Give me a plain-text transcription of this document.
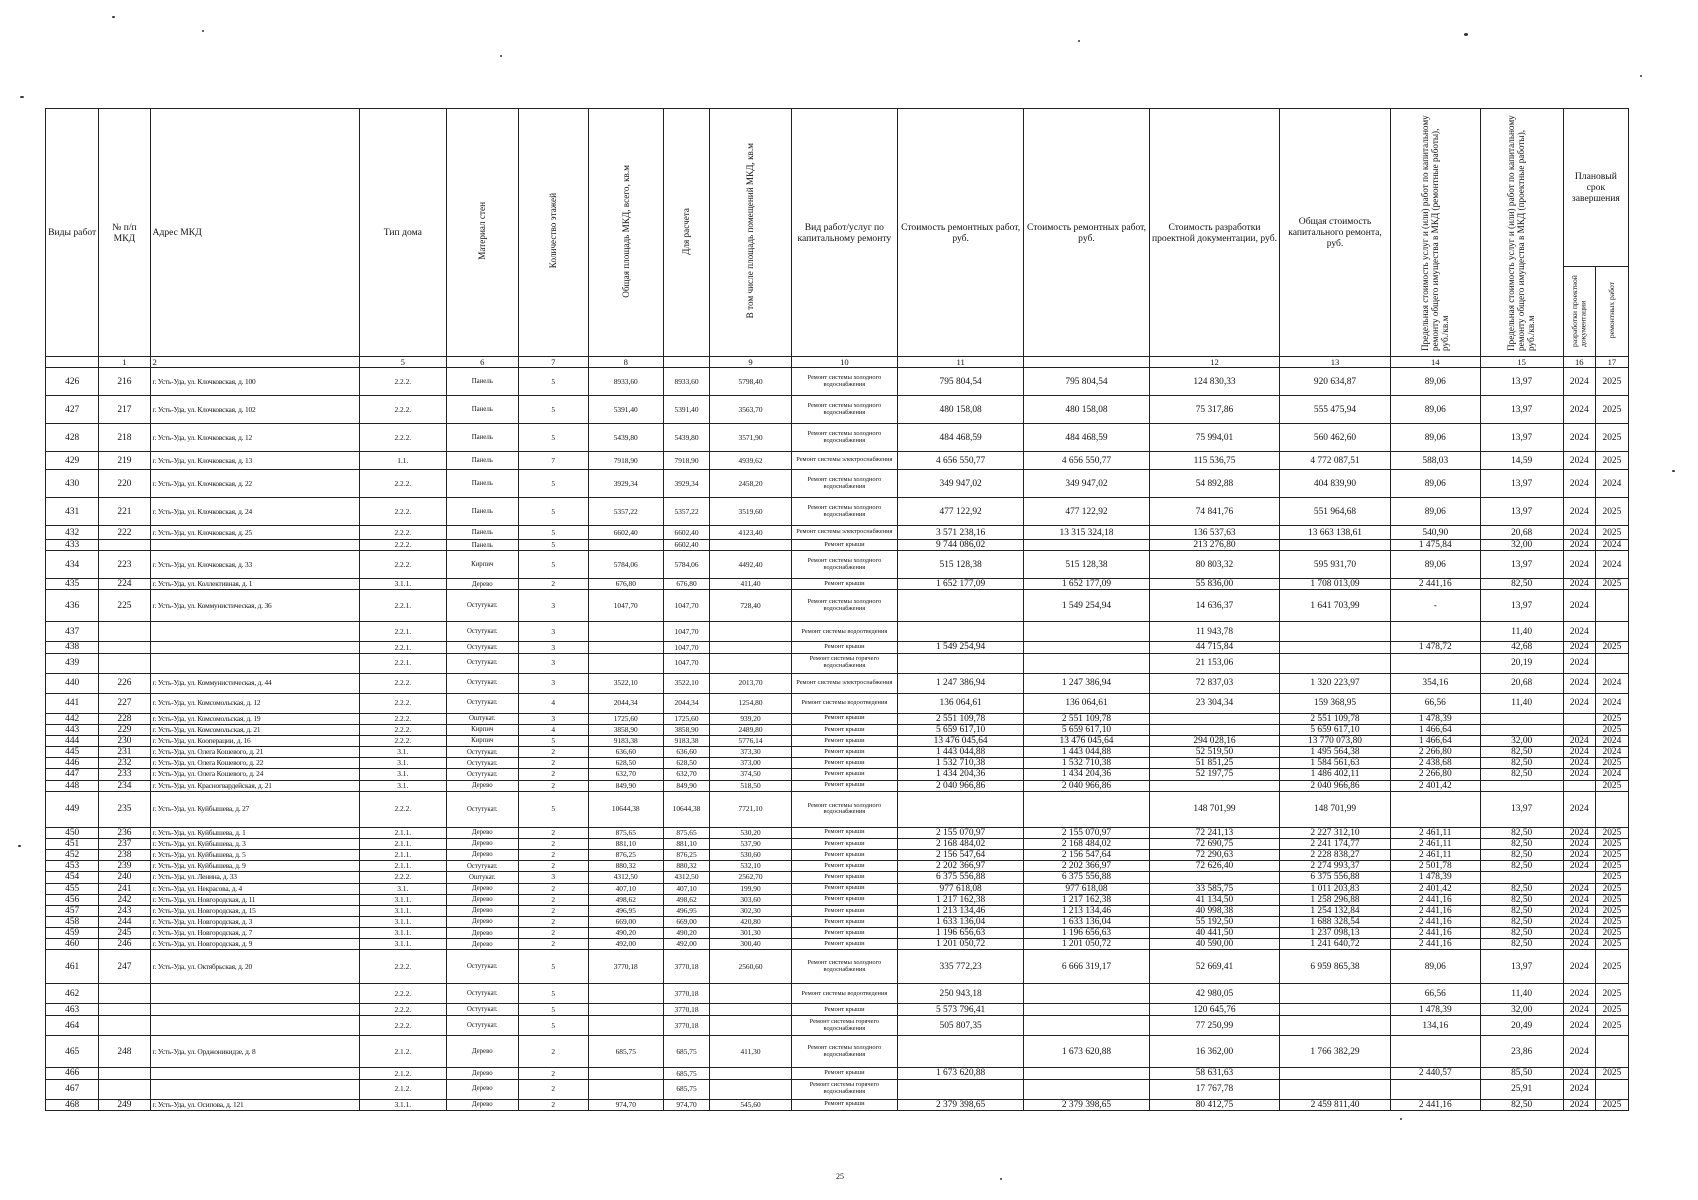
Виды работ	№ п/п МКД	Адрес МКД	Тип дома	Материал стен	Количество этажей	Общая площадь МКД, всего, кв.м	Для расчета	В том числе площадь помещений МКД, кв.м	Вид работ/услуг по капитальному ремонту	Стоимость ремонтных работ, руб.	Стоимость ремонтных работ, руб.	Стоимость разработки проектной документации, руб.	Общая стоимость капитального ремонта, руб.	Предельная стоимость услуг и (или) работ по капитальному ремонту общего имущества в МКД (ремонтные работы), руб./кв.м	Предельная стоимость услуг и (или) работ по капитальному ремонту общего имущества в МКД (проектные работы), руб./кв.м	Плановый срок завершения	
																разработки проектной документации	ремонтных работ
	1	2	5	6	7	8		9	10	11		12	13	14	15	16	17
426	216	г. Усть-Уда, ул. Клочковская, д. 100	2.2.2.	Панель	5	8933,60	8933,60	5798,40	Ремонт системы холодного водоснабжения	795 804,54	795 804,54	124 830,33	920 634,87	89,06	13,97	2024	2025
427	217	г. Усть-Уда, ул. Клочковская, д. 102	2.2.2.	Панель	5	5391,40	5391,40	3563,70	Ремонт системы холодного водоснабжения	480 158,08	480 158,08	75 317,86	555 475,94	89,06	13,97	2024	2025
428	218	г. Усть-Уда, ул. Клочковская, д. 12	2.2.2.	Панель	5	5439,80	5439,80	3571,90	Ремонт системы холодного водоснабжения	484 468,59	484 468,59	75 994,01	560 462,60	89,06	13,97	2024	2025
429	219	г. Усть-Уда, ул. Клочковская, д. 13	1.1.	Панель	7	7918,90	7918,90	4939,62	Ремонт системы электроснабжения	4 656 550,77	4 656 550,77	115 536,75	4 772 087,51	588,03	14,59	2024	2025
430	220	г. Усть-Уда, ул. Клочковская, д. 22	2.2.2.	Панель	5	3929,34	3929,34	2458,20	Ремонт системы холодного водоснабжения	349 947,02	349 947,02	54 892,88	404 839,90	89,06	13,97	2024	2024
431	221	г. Усть-Уда, ул. Клочковская, д. 24	2.2.2.	Панель	5	5357,22	5357,22	3519,60	Ремонт системы холодного водоснабжения	477 122,92	477 122,92	74 841,76	551 964,68	89,06	13,97	2024	2025
432	222	г. Усть-Уда, ул. Клочковская, д. 25	2.2.2.	Панель	5	6602,40	6602,40	4123,40	Ремонт системы электроснабжения	3 571 238,16	13 315 324,18	136 537,63	13 663 138,61	540,90	20,68	2024	2025
433			2.2.2.	Панель	5		6602,40		Ремонт крыши	9 744 086,02		213 276,80		1 475,84	32,00	2024	2024
434	223	г. Усть-Уда, ул. Клочковская, д. 33	2.2.2.	Кирпич	5	5784,06	5784,06	4492,40	Ремонт системы холодного водоснабжения	515 128,38	515 128,38	80 803,32	595 931,70	89,06	13,97	2024	2024
435	224	г. Усть-Уда, ул. Коллективная, д. 1	3.1.1.	Дерево	2	676,80	676,80	411,40	Ремонт крыши	1 652 177,09	1 652 177,09	55 836,00	1 708 013,09	2 441,16	82,50	2024	2025
436	225	г. Усть-Уда, ул. Коммунистическая, д. 36	2.2.1.	Остутукат.	3	1047,70	1047,70	728,40	Ремонт системы холодного водоснабжения		1 549 254,94	14 636,37	1 641 703,99	-	13,97	2024	
437			2.2.1.	Остутукат.	3		1047,70		Ремонт системы водоотведения			11 943,78			11,40	2024	
438			2.2.1.	Остутукат.	3		1047,70		Ремонт крыши	1 549 254,94		44 715,84		1 478,72	42,68	2024	2025
439			2.2.1.	Остутукат.	3		1047,70		Ремонт системы горячего водоснабжения			21 153,06			20,19	2024	
440	226	г. Усть-Уда, ул. Коммунистическая, д. 44	2.2.2.	Остутукат.	3	3522,10	3522,10	2013,70	Ремонт системы электроснабжения	1 247 386,94	1 247 386,94	72 837,03	1 320 223,97	354,16	20,68	2024	2024
441	227	г. Усть-Уда, ул. Комсомольская, д. 12	2.2.2.	Остутукат.	4	2044,34	2044,34	1254,80	Ремонт системы водоотведения	136 064,61	136 064,61	23 304,34	159 368,95	66,56	11,40	2024	2024
442	228	г. Усть-Уда, ул. Комсомольская, д. 19	2.2.2.	Оштукат.	3	1725,60	1725,60	939,20	Ремонт крыши	2 551 109,78	2 551 109,78		2 551 109,78	1 478,39			2025
443	229	г. Усть-Уда, ул. Комсомольская, д. 21	2.2.2.	Кирпич	4	3858,90	3858,90	2489,80	Ремонт крыши	5 659 617,10	5 659 617,10		5 659 617,10	1 466,64			2025
444	230	г. Усть-Уда, ул. Кооперации, д. 16	2.2.2.	Кирпич	5	9183,38	9183,38	5776,14	Ремонт крыши	13 476 045,64	13 476 045,64	294 028,16	13 770 073,80	1 466,64	32,00	2024	2024
445	231	г. Усть-Уда, ул. Олега Кошевого, д. 21	3.1.	Остутукат.	2	636,60	636,60	373,30	Ремонт крыши	1 443 044,88	1 443 044,88	52 519,50	1 495 564,38	2 266,80	82,50	2024	2024
446	232	г. Усть-Уда, ул. Олега Кошевого, д. 22	3.1.	Остутукат.	2	628,50	628,50	373,00	Ремонт крыши	1 532 710,38	1 532 710,38	51 851,25	1 584 561,63	2 438,68	82,50	2024	2025
447	233	г. Усть-Уда, ул. Олега Кошевого, д. 24	3.1.	Остутукат.	2	632,70	632,70	374,50	Ремонт крыши	1 434 204,36	1 434 204,36	52 197,75	1 486 402,11	2 266,80	82,50	2024	2024
448	234	г. Усть-Уда, ул. Красногвардейская, д. 21	3.1.	Дерево	2	849,90	849,90	518,50	Ремонт крыши	2 040 966,86	2 040 966,86		2 040 966,86	2 401,42			2025
449	235	г. Усть-Уда, ул. Куйбышева, д. 27	2.2.2.	Остутукат.	5	10644,38	10644,38	7721,10	Ремонт системы холодного водоснабжения			148 701,99	148 701,99		13,97	2024	
450	236	г. Усть-Уда, ул. Куйбышева, д. 1	2.1.1.	Дерево	2	875,65	875,65	530,20	Ремонт крыши	2 155 070,97	2 155 070,97	72 241,13	2 227 312,10	2 461,11	82,50	2024	2025
451	237	г. Усть-Уда, ул. Куйбышева, д. 3	2.1.1.	Дерево	2	881,10	881,10	537,90	Ремонт крыши	2 168 484,02	2 168 484,02	72 690,75	2 241 174,77	2 461,11	82,50	2024	2025
452	238	г. Усть-Уда, ул. Куйбышева, д. 5	2.1.1.	Дерево	2	876,25	876,25	530,60	Ремонт крыши	2 156 547,64	2 156 547,64	72 290,63	2 228 838,27	2 461,11	82,50	2024	2025
453	239	г. Усть-Уда, ул. Куйбышева, д. 9	2.1.1.	Остутукат.	2	880,32	880,32	532,10	Ремонт крыши	2 202 366,97	2 202 366,97	72 626,40	2 274 993,37	2 501,78	82,50	2024	2025
454	240	г. Усть-Уда, ул. Ленина, д. 33	2.2.2.	Оштукат.	3	4312,50	4312,50	2562,70	Ремонт крыши	6 375 556,88	6 375 556,88		6 375 556,88	1 478,39			2025
455	241	г. Усть-Уда, ул. Некрасова, д. 4	3.1.	Дерево	2	407,10	407,10	199,90	Ремонт крыши	977 618,08	977 618,08	33 585,75	1 011 203,83	2 401,42	82,50	2024	2025
456	242	г. Усть-Уда, ул. Новгородская, д. 11	3.1.1.	Дерево	2	498,62	498,62	303,60	Ремонт крыши	1 217 162,38	1 217 162,38	41 134,50	1 258 296,88	2 441,16	82,50	2024	2025
457	243	г. Усть-Уда, ул. Новгородская, д. 15	3.1.1.	Дерево	2	496,95	496,95	302,30	Ремонт крыши	1 213 134,46	1 213 134,46	40 998,38	1 254 132,84	2 441,16	82,50	2024	2025
458	244	г. Усть-Уда, ул. Новгородская, д. 3	3.1.1.	Дерево	2	669,00	669,00	420,80	Ремонт крыши	1 633 136,04	1 633 136,04	55 192,50	1 688 328,54	2 441,16	82,50	2024	2025
459	245	г. Усть-Уда, ул. Новгородская, д. 7	3.1.1.	Дерево	2	490,20	490,20	301,30	Ремонт крыши	1 196 656,63	1 196 656,63	40 441,50	1 237 098,13	2 441,16	82,50	2024	2025
460	246	г. Усть-Уда, ул. Новгородская, д. 9	3.1.1.	Дерево	2	492,00	492,00	300,40	Ремонт крыши	1 201 050,72	1 201 050,72	40 590,00	1 241 640,72	2 441,16	82,50	2024	2025
461	247	г. Усть-Уда, ул. Октябрьская, д. 20	2.2.2.	Остутукат.	5	3770,18	3770,18	2560,60	Ремонт системы холодного водоснабжения	335 772,23	6 666 319,17	52 669,41	6 959 865,38	89,06	13,97	2024	2025
462			2.2.2.	Остутукат.	5		3770,18		Ремонт системы водоотведения	250 943,18		42 980,05		66,56	11,40	2024	2025
463			2.2.2.	Остутукат.	5		3770,18		Ремонт крыши	5 573 796,41		120 645,76		1 478,39	32,00	2024	2025
464			2.2.2.	Остутукат.	5		3770,18		Ремонт системы горячего водоснабжения	505 807,35		77 250,99		134,16	20,49	2024	2025
465	248	г. Усть-Уда, ул. Орджоникидзе, д. 8	2.1.2.	Дерево	2	685,75	685,75	411,30	Ремонт системы холодного водоснабжения		1 673 620,88	16 362,00	1 766 382,29		23,86	2024	
466			2.1.2.	Дерево	2		685,75		Ремонт крыши	1 673 620,88		58 631,63		2 440,57	85,50	2024	2025
467			2.1.2.	Дерево	2		685,75		Ремонт системы горячего водоснабжения			17 767,78			25,91	2024	
468	249	г. Усть-Уда, ул. Осипова, д. 121	3.1.1.	Дерево	2	974,70	974,70	545,60	Ремонт крыши	2 379 398,65	2 379 398,65	80 412,75	2 459 811,40	2 441,16	82,50	2024	2025
25
